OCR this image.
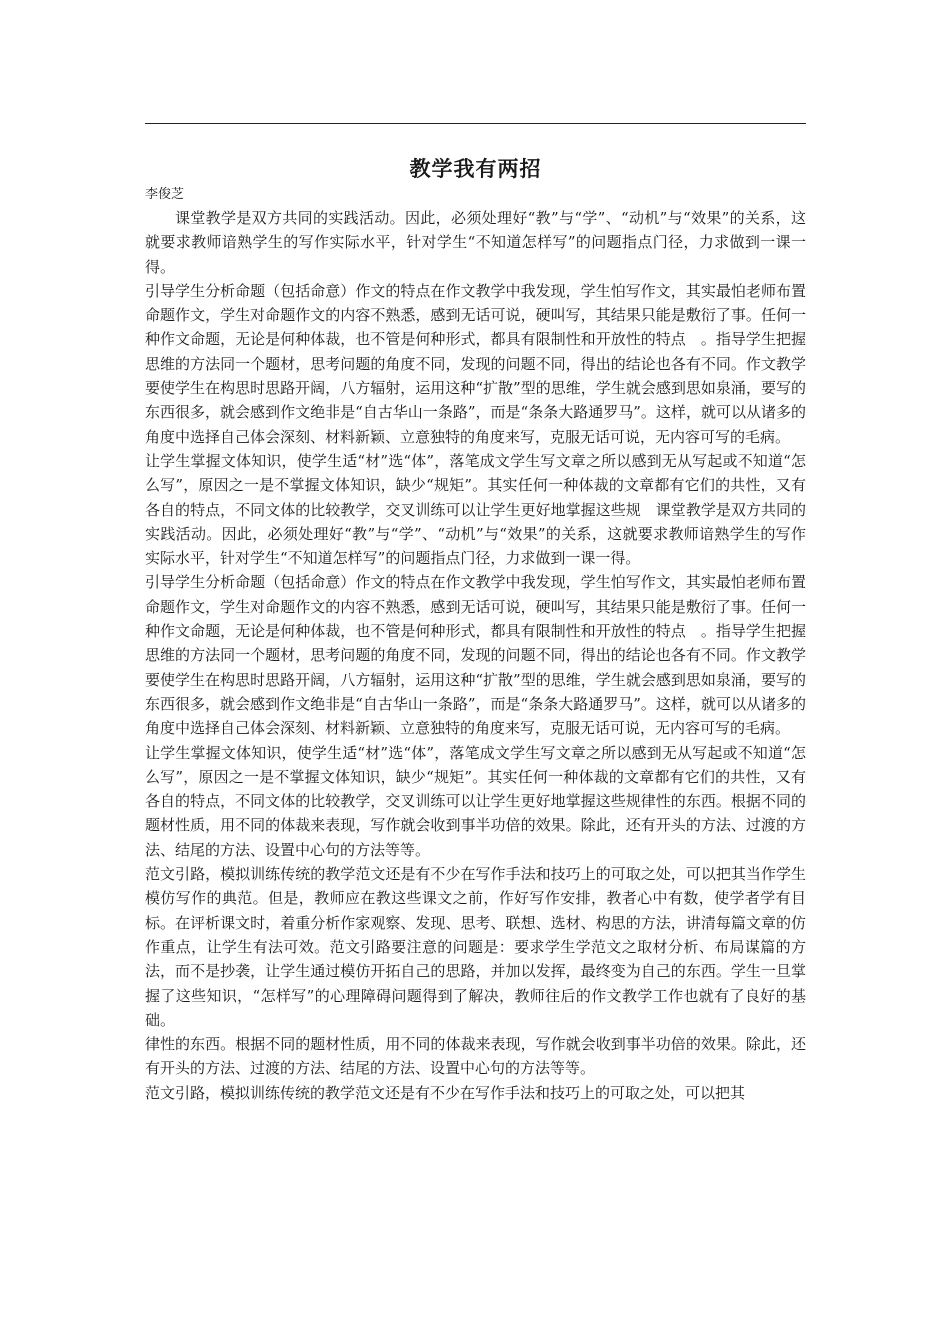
教学我有两招
李俊芝

课堂教学是双方共同的实践活动。因此，必须处理好“教”与“学”、“动机”与“效果”的关系，这就要求教师谙熟学生的写作实际水平，针对学生“不知道怎样写”的问题指点门径，力求做到一课一得。

引导学生分析命题（包括命意）作文的特点在作文教学中我发现，学生怕写作文，其实最怕老师布置命题作文，学生对命题作文的内容不熟悉，感到无话可说，硬叫写，其结果只能是敷衍了事。任何一种作文命题，无论是何种体裁，也不管是何种形式，都具有限制性和开放性的特点　。指导学生把握思维的方法同一个题材，思考问题的角度不同，发现的问题不同，得出的结论也各有不同。作文教学要使学生在构思时思路开阔，八方辐射，运用这种“扩散”型的思维，学生就会感到思如泉涌，要写的东西很多，就会感到作文绝非是“自古华山一条路”，而是“条条大路通罗马”。这样，就可以从诸多的角度中选择自己体会深刻、材料新颖、立意独特的角度来写，克服无话可说，无内容可写的毛病。

让学生掌握文体知识，使学生适“材”选“体”，落笔成文学生写文章之所以感到无从写起或不知道“怎么写”，原因之一是不掌握文体知识，缺少“规矩”。其实任何一种体裁的文章都有它们的共性，又有各自的特点，不同文体的比较教学，交叉训练可以让学生更好地掌握这些规　课堂教学是双方共同的实践活动。因此，必须处理好“教”与“学”、“动机”与“效果”的关系，这就要求教师谙熟学生的写作实际水平，针对学生“不知道怎样写”的问题指点门径，力求做到一课一得。

引导学生分析命题（包括命意）作文的特点在作文教学中我发现，学生怕写作文，其实最怕老师布置命题作文，学生对命题作文的内容不熟悉，感到无话可说，硬叫写，其结果只能是敷衍了事。任何一种作文命题，无论是何种体裁，也不管是何种形式，都具有限制性和开放性的特点　。指导学生把握思维的方法同一个题材，思考问题的角度不同，发现的问题不同，得出的结论也各有不同。作文教学要使学生在构思时思路开阔，八方辐射，运用这种“扩散”型的思维，学生就会感到思如泉涌，要写的东西很多，就会感到作文绝非是“自古华山一条路”，而是“条条大路通罗马”。这样，就可以从诸多的角度中选择自己体会深刻、材料新颖、立意独特的角度来写，克服无话可说，无内容可写的毛病。

让学生掌握文体知识，使学生适“材”选“体”，落笔成文学生写文章之所以感到无从写起或不知道“怎么写”，原因之一是不掌握文体知识，缺少“规矩”。其实任何一种体裁的文章都有它们的共性，又有各自的特点，不同文体的比较教学，交叉训练可以让学生更好地掌握这些规律性的东西。根据不同的题材性质，用不同的体裁来表现，写作就会收到事半功倍的效果。除此，还有开头的方法、过渡的方法、结尾的方法、设置中心句的方法等等。

范文引路，模拟训练传统的教学范文还是有不少在写作手法和技巧上的可取之处，可以把其当作学生模仿写作的典范。但是，教师应在教这些课文之前，作好写作安排，教者心中有数，使学者学有目标。在评析课文时，着重分析作家观察、发现、思考、联想、选材、构思的方法，讲清每篇文章的仿作重点，让学生有法可效。范文引路要注意的问题是：要求学生学范文之取材分析、布局谋篇的方法，而不是抄袭，让学生通过模仿开拓自己的思路，并加以发挥，最终变为自己的东西。学生一旦掌握了这些知识，“怎样写”的心理障碍问题得到了解决，教师往后的作文教学工作也就有了良好的基础。

律性的东西。根据不同的题材性质，用不同的体裁来表现，写作就会收到事半功倍的效果。除此，还有开头的方法、过渡的方法、结尾的方法、设置中心句的方法等等。

范文引路，模拟训练传统的教学范文还是有不少在写作手法和技巧上的可取之处，可以把其
